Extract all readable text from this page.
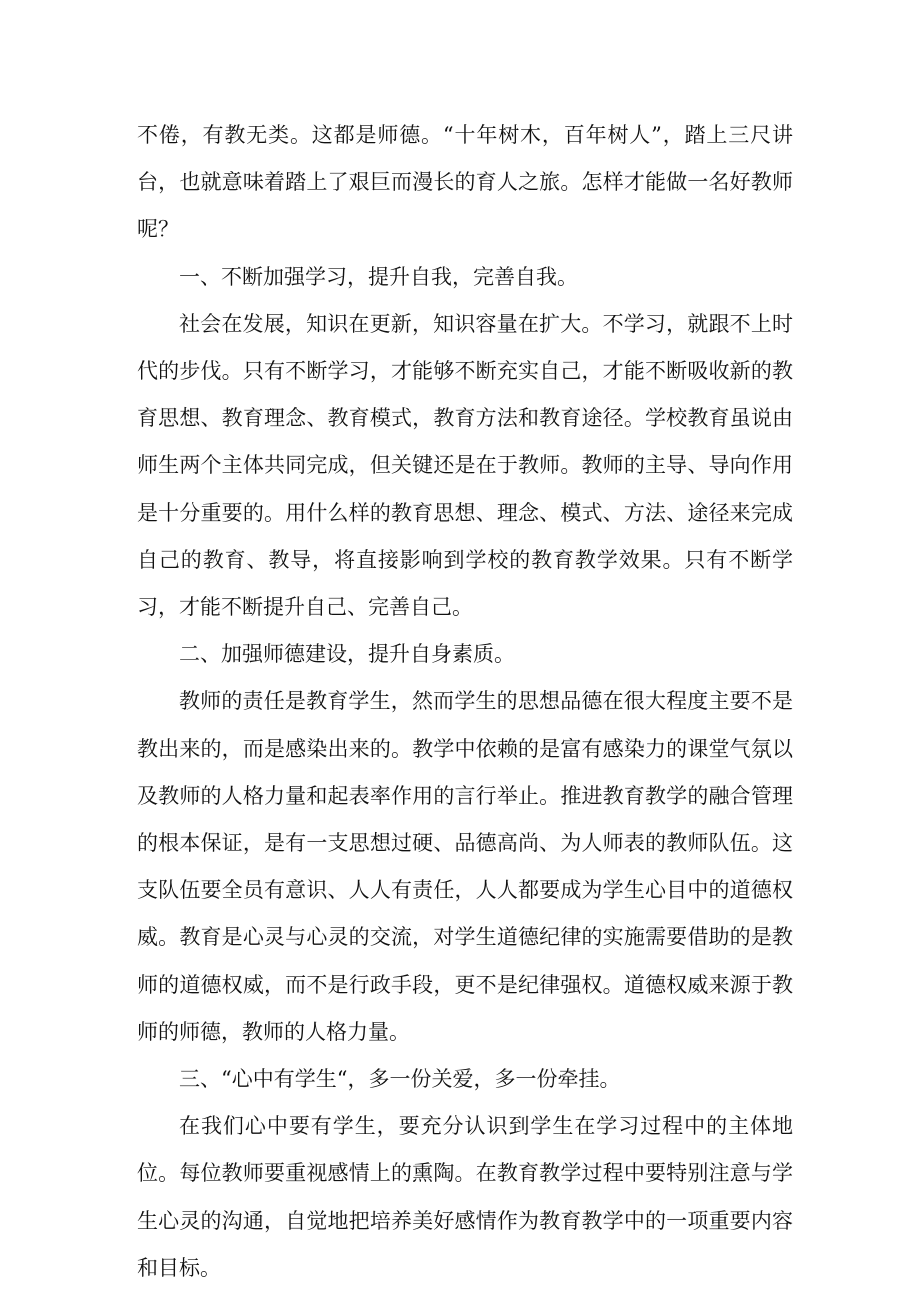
不倦，有教无类。这都是师德。“十年树木，百年树人”，踏上三尺讲台，也就意味着踏上了艰巨而漫长的育人之旅。怎样才能做一名好教师呢？

一、不断加强学习，提升自我，完善自我。

社会在发展，知识在更新，知识容量在扩大。不学习，就跟不上时代的步伐。只有不断学习，才能够不断充实自己，才能不断吸收新的教育思想、教育理念、教育模式，教育方法和教育途径。学校教育虽说由师生两个主体共同完成，但关键还是在于教师。教师的主导、导向作用是十分重要的。用什么样的教育思想、理念、模式、方法、途径来完成自己的教育、教导，将直接影响到学校的教育教学效果。只有不断学习，才能不断提升自己、完善自己。

二、加强师德建设，提升自身素质。

教师的责任是教育学生，然而学生的思想品德在很大程度主要不是教出来的，而是感染出来的。教学中依赖的是富有感染力的课堂气氛以及教师的人格力量和起表率作用的言行举止。推进教育教学的融合管理的根本保证，是有一支思想过硬、品德高尚、为人师表的教师队伍。这支队伍要全员有意识、人人有责任，人人都要成为学生心目中的道德权威。教育是心灵与心灵的交流，对学生道德纪律的实施需要借助的是教师的道德权威，而不是行政手段，更不是纪律强权。道德权威来源于教师的师德，教师的人格力量。

三、“心中有学生“，多一份关爱，多一份牵挂。

在我们心中要有学生，要充分认识到学生在学习过程中的主体地位。每位教师要重视感情上的熏陶。在教育教学过程中要特别注意与学生心灵的沟通，自觉地把培养美好感情作为教育教学中的一项重要内容和目标。
